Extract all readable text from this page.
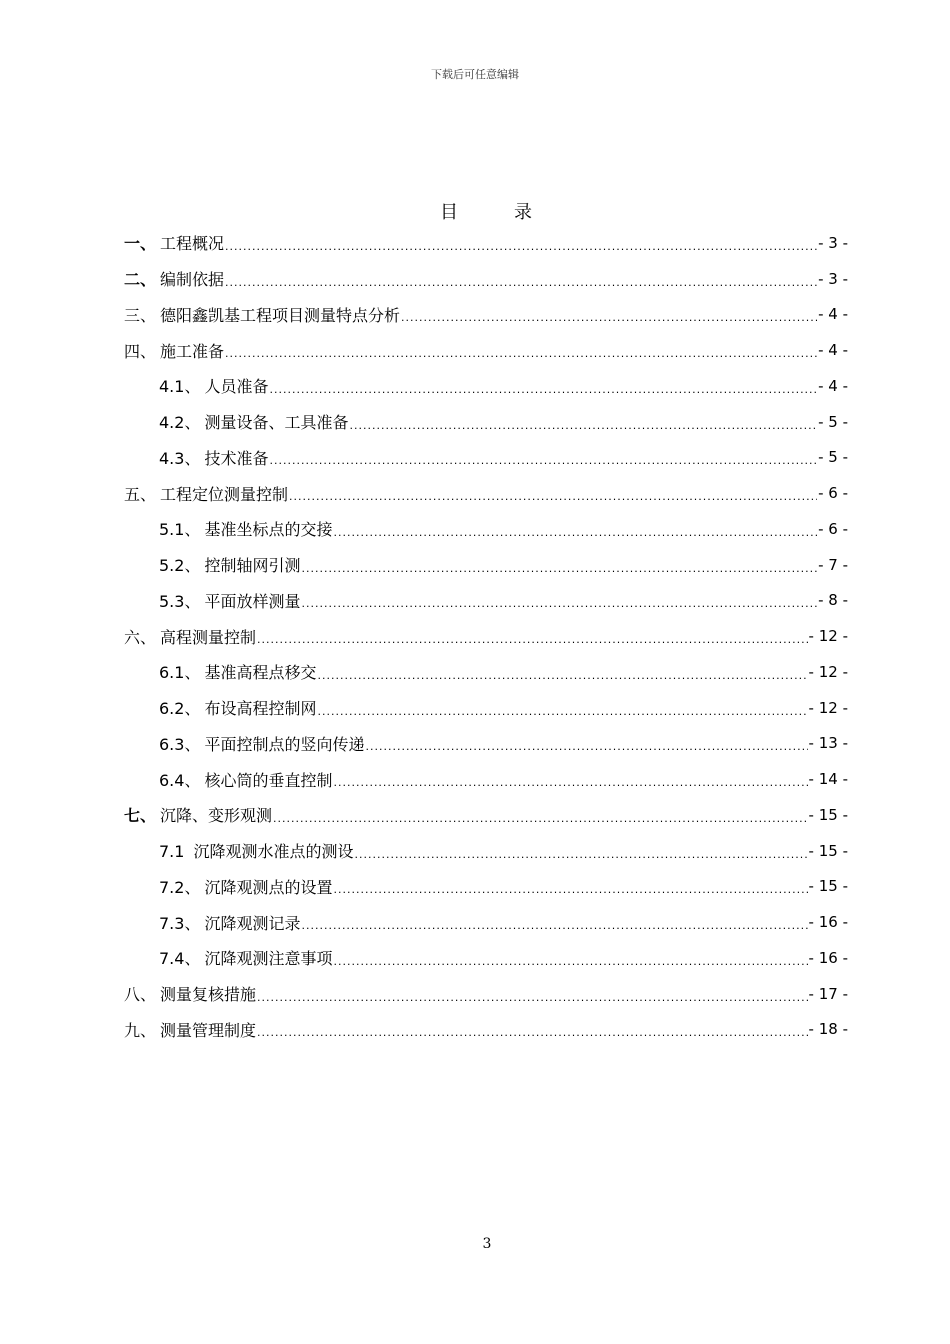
下载后可任意编辑
目	录
一、 工程概况 .....	- 3 -
二、 编制依据 .....	- 3 -
三、 德阳鑫凯基工程项目测量特点分析 .....	- 4 -
四、 施工准备 .....	- 4 -
4.1、 人员准备 .....	- 4 -
4.2、 测量设备、工具准备 .....	- 5 -
4.3、 技术准备 .....	- 5 -
五、 工程定位测量控制 .....	- 6 -
5.1、 基准坐标点的交接 .....	- 6 -
5.2、 控制轴网引测 .....	- 7 -
5.3、 平面放样测量 .....	- 8 -
六、 高程测量控制 .....	- 12 -
6.1、 基准高程点移交 .....	- 12 -
6.2、 布设高程控制网 .....	- 12 -
6.3、 平面控制点的竖向传递 .....	- 13 -
6.4、 核心筒的垂直控制 .....	- 14 -
七、 沉降、变形观测 .....	- 15 -
7.1 沉降观测水准点的测设 .....	- 15 -
7.2、 沉降观测点的设置 .....	- 15 -
7.3、 沉降观测记录 .....	- 16 -
7.4、 沉降观测注意事项 .....	- 16 -
八、 测量复核措施 .....	- 17 -
九、 测量管理制度 .....	- 18 -
3
